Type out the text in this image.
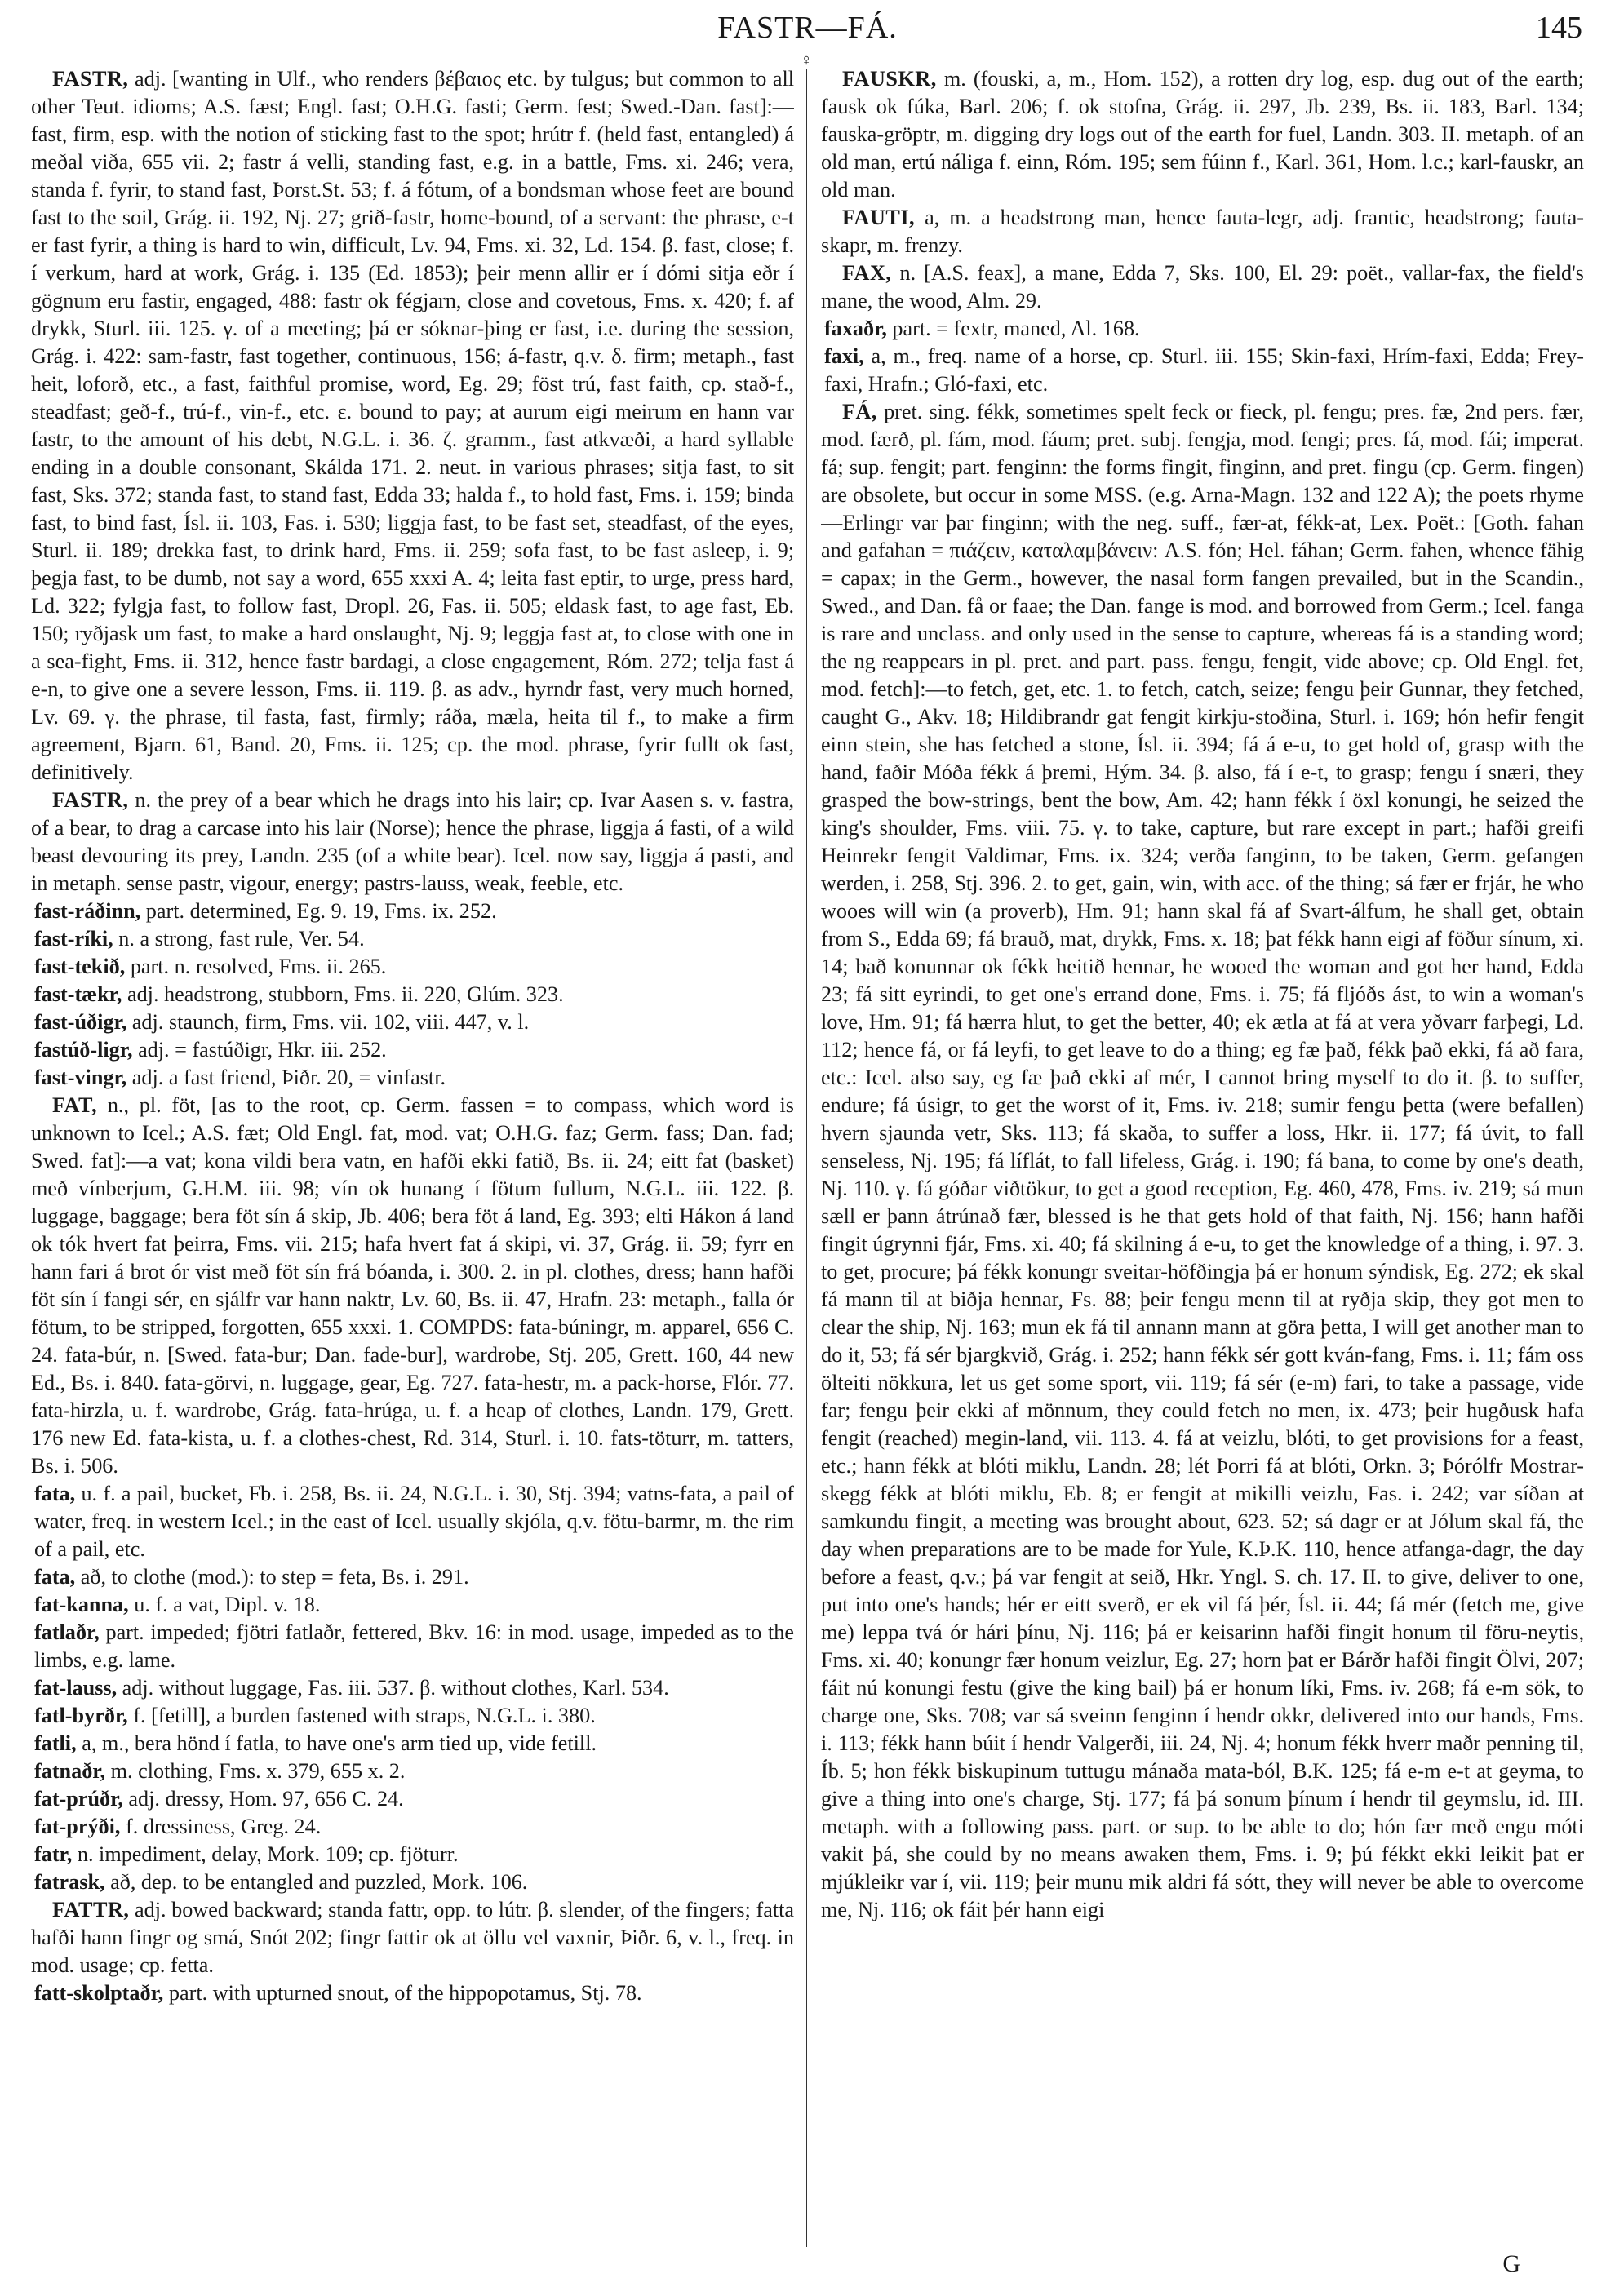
FASTR—FÁ.	145

FASTR, adj. [wanting in Ulf., who renders βέβαιος etc. by tulgus; but common to all other Teut. idioms; A.S. fæst; Engl. fast; O.H.G. fasti; Germ. fest; Swed.-Dan. fast]:—fast, firm, esp. with the notion of sticking fast to the spot; hrútr f. (held fast, entangled) á meðal viða, 655 vii. 2; fastr á velli, standing fast, e.g. in a battle, Fms. xi. 246; vera, standa f. fyrir, to stand fast, Þorst.St. 53; f. á fótum, of a bondsman whose feet are bound fast to the soil, Grág. ii. 192, Nj. 27; grið-fastr, home-bound, of a servant: the phrase, e-t er fast fyrir, a thing is hard to win, difficult, Lv. 94, Fms. xi. 32, Ld. 154. β. fast, close; f. í verkum, hard at work, Grág. i. 135 (Ed. 1853); þeir menn allir er í dómi sitja eðr í gögnum eru fastir, engaged, 488: fastr ok fégjarn, close and covetous, Fms. x. 420; f. af drykk, Sturl. iii. 125. γ. of a meeting; þá er sóknar-þing er fast, i.e. during the session, Grág. i. 422: sam-fastr, fast together, continuous, 156; á-fastr, q.v. δ. firm; metaph., fast heit, loforð, etc., a fast, faithful promise, word, Eg. 29; föst trú, fast faith, cp. stað-f., steadfast; geð-f., trú-f., vin-f., etc. ε. bound to pay; at aurum eigi meirum en hann var fastr, to the amount of his debt, N.G.L. i. 36. ζ. gramm., fast atkvæði, a hard syllable ending in a double consonant, Skálda 171. 2. neut. in various phrases; sitja fast, to sit fast, Sks. 372; standa fast, to stand fast, Edda 33; halda f., to hold fast, Fms. i. 159; binda fast, to bind fast, Ísl. ii. 103, Fas. i. 530; liggja fast, to be fast set, steadfast, of the eyes, Sturl. ii. 189; drekka fast, to drink hard, Fms. ii. 259; sofa fast, to be fast asleep, i. 9; þegja fast, to be dumb, not say a word, 655 xxxi A. 4; leita fast eptir, to urge, press hard, Ld. 322; fylgja fast, to follow fast, Dropl. 26, Fas. ii. 505; eldask fast, to age fast, Eb. 150; ryðjask um fast, to make a hard onslaught, Nj. 9; leggja fast at, to close with one in a sea-fight, Fms. ii. 312, hence fastr bardagi, a close engagement, Róm. 272; telja fast á e-n, to give one a severe lesson, Fms. ii. 119. β. as adv., hyrndr fast, very much horned, Lv. 69. γ. the phrase, til fasta, fast, firmly; ráða, mæla, heita til f., to make a firm agreement, Bjarn. 61, Band. 20, Fms. ii. 125; cp. the mod. phrase, fyrir fullt ok fast, definitively.

FASTR, n. the prey of a bear which he drags into his lair; cp. Ivar Aasen s. v. fastra, of a bear, to drag a carcase into his lair (Norse); hence the phrase, liggja á fasti, of a wild beast devouring its prey, Landn. 235 (of a white bear). Icel. now say, liggja á pasti, and in metaph. sense pastr, vigour, energy; pastrs-lauss, weak, feeble, etc.

fast-ráðinn, part. determined, Eg. 9. 19, Fms. ix. 252.

fast-ríki, n. a strong, fast rule, Ver. 54.

fast-tekið, part. n. resolved, Fms. ii. 265.

fast-tækr, adj. headstrong, stubborn, Fms. ii. 220, Glúm. 323.

fast-úðigr, adj. staunch, firm, Fms. vii. 102, viii. 447, v. l.

fastúð-ligr, adj. = fastúðigr, Hkr. iii. 252.

fast-vingr, adj. a fast friend, Þiðr. 20, = vinfastr.

FAT, n., pl. föt, [as to the root, cp. Germ. fassen = to compass, which word is unknown to Icel.; A.S. fæt; Old Engl. fat, mod. vat; O.H.G. faz; Germ. fass; Dan. fad; Swed. fat]:—a vat; kona vildi bera vatn, en hafði ekki fatið, Bs. ii. 24; eitt fat (basket) með vínberjum, G.H.M. iii. 98; vín ok hunang í fötum fullum, N.G.L. iii. 122. β. luggage, baggage; bera föt sín á skip, Jb. 406; bera föt á land, Eg. 393; elti Hákon á land ok tók hvert fat þeirra, Fms. vii. 215; hafa hvert fat á skipi, vi. 37, Grág. ii. 59; fyrr en hann fari á brot ór vist með föt sín frá bóanda, i. 300. 2. in pl. clothes, dress; hann hafði föt sín í fangi sér, en sjálfr var hann naktr, Lv. 60, Bs. ii. 47, Hrafn. 23: metaph., falla ór fötum, to be stripped, forgotten, 655 xxxi. 1. COMPDS: fata-búningr, m. apparel, 656 C. 24. fata-búr, n. [Swed. fata-bur; Dan. fade-bur], wardrobe, Stj. 205, Grett. 160, 44 new Ed., Bs. i. 840. fata-görvi, n. luggage, gear, Eg. 727. fata-hestr, m. a pack-horse, Flór. 77. fata-hirzla, u. f. wardrobe, Grág. fata-hrúga, u. f. a heap of clothes, Landn. 179, Grett. 176 new Ed. fata-kista, u. f. a clothes-chest, Rd. 314, Sturl. i. 10. fats-töturr, m. tatters, Bs. i. 506.

fata, u. f. a pail, bucket, Fb. i. 258, Bs. ii. 24, N.G.L. i. 30, Stj. 394; vatns-fata, a pail of water, freq. in western Icel.; in the east of Icel. usually skjóla, q.v. fötu-barmr, m. the rim of a pail, etc.

fata, að, to clothe (mod.): to step = feta, Bs. i. 291.

fat-kanna, u. f. a vat, Dipl. v. 18.

fatlaðr, part. impeded; fjötri fatlaðr, fettered, Bkv. 16: in mod. usage, impeded as to the limbs, e.g. lame.

fat-lauss, adj. without luggage, Fas. iii. 537. β. without clothes, Karl. 534.

fatl-byrðr, f. [fetill], a burden fastened with straps, N.G.L. i. 380.

fatli, a, m., bera hönd í fatla, to have one's arm tied up, vide fetill.

fatnaðr, m. clothing, Fms. x. 379, 655 x. 2.

fat-prúðr, adj. dressy, Hom. 97, 656 C. 24.

fat-prýði, f. dressiness, Greg. 24.

fatr, n. impediment, delay, Mork. 109; cp. fjöturr.

fatrask, að, dep. to be entangled and puzzled, Mork. 106.

FATTR, adj. bowed backward; standa fattr, opp. to lútr. β. slender, of the fingers; fatta hafði hann fingr og smá, Snót 202; fingr fattir ok at öllu vel vaxnir, Þiðr. 6, v. l., freq. in mod. usage; cp. fetta.

fatt-skolptaðr, part. with upturned snout, of the hippopotamus, Stj. 78.

♀

FAUSKR, m. (fouski, a, m., Hom. 152), a rotten dry log, esp. dug out of the earth; fausk ok fúka, Barl. 206; f. ok stofna, Grág. ii. 297, Jb. 239, Bs. ii. 183, Barl. 134; fauska-gröptr, m. digging dry logs out of the earth for fuel, Landn. 303. II. metaph. of an old man, ertú náliga f. einn, Róm. 195; sem fúinn f., Karl. 361, Hom. l.c.; karl-fauskr, an old man.

FAUTI, a, m. a headstrong man, hence fauta-legr, adj. frantic, headstrong; fauta-skapr, m. frenzy.

FAX, n. [A.S. feax], a mane, Edda 7, Sks. 100, El. 29: poët., vallar-fax, the field's mane, the wood, Alm. 29.

faxaðr, part. = fextr, maned, Al. 168.

faxi, a, m., freq. name of a horse, cp. Sturl. iii. 155; Skin-faxi, Hrím-faxi, Edda; Frey-faxi, Hrafn.; Gló-faxi, etc.

FÁ, pret. sing. fékk, sometimes spelt feck or fieck, pl. fengu; pres. fæ, 2nd pers. fær, mod. færð, pl. fám, mod. fáum; pret. subj. fengja, mod. fengi; pres. fá, mod. fái; imperat. fá; sup. fengit; part. fenginn: the forms fingit, finginn, and pret. fingu (cp. Germ. fingen) are obsolete, but occur in some MSS. (e.g. Arna-Magn. 132 and 122 A); the poets rhyme—Erlingr var þar finginn; with the neg. suff., fær-at, fékk-at, Lex. Poët.: [Goth. fahan and gafahan = πιάζειν, καταλαμβάνειν: A.S. fón; Hel. fáhan; Germ. fahen, whence fähig = capax; in the Germ., however, the nasal form fangen prevailed, but in the Scandin., Swed., and Dan. få or faae; the Dan. fange is mod. and borrowed from Germ.; Icel. fanga is rare and unclass. and only used in the sense to capture, whereas fá is a standing word; the ng reappears in pl. pret. and part. pass. fengu, fengit, vide above; cp. Old Engl. fet, mod. fetch]:—to fetch, get, etc. 1. to fetch, catch, seize; fengu þeir Gunnar, they fetched, caught G., Akv. 18; Hildibrandr gat fengit kirkju-stoðina, Sturl. i. 169; hón hefir fengit einn stein, she has fetched a stone, Ísl. ii. 394; fá á e-u, to get hold of, grasp with the hand, faðir Móða fékk á þremi, Hým. 34. β. also, fá í e-t, to grasp; fengu í snæri, they grasped the bow-strings, bent the bow, Am. 42; hann fékk í öxl konungi, he seized the king's shoulder, Fms. viii. 75. γ. to take, capture, but rare except in part.; hafði greifi Heinrekr fengit Valdimar, Fms. ix. 324; verða fanginn, to be taken, Germ. gefangen werden, i. 258, Stj. 396. 2. to get, gain, win, with acc. of the thing; sá fær er frjár, he who wooes will win (a proverb), Hm. 91; hann skal fá af Svart-álfum, he shall get, obtain from S., Edda 69; fá brauð, mat, drykk, Fms. x. 18; þat fékk hann eigi af föður sínum, xi. 14; bað konunnar ok fékk heitið hennar, he wooed the woman and got her hand, Edda 23; fá sitt eyrindi, to get one's errand done, Fms. i. 75; fá fljóðs ást, to win a woman's love, Hm. 91; fá hærra hlut, to get the better, 40; ek ætla at fá at vera yðvarr farþegi, Ld. 112; hence fá, or fá leyfi, to get leave to do a thing; eg fæ það, fékk það ekki, fá að fara, etc.: Icel. also say, eg fæ það ekki af mér, I cannot bring myself to do it. β. to suffer, endure; fá úsigr, to get the worst of it, Fms. iv. 218; sumir fengu þetta (were befallen) hvern sjaunda vetr, Sks. 113; fá skaða, to suffer a loss, Hkr. ii. 177; fá úvit, to fall senseless, Nj. 195; fá líflát, to fall lifeless, Grág. i. 190; fá bana, to come by one's death, Nj. 110. γ. fá góðar viðtökur, to get a good reception, Eg. 460, 478, Fms. iv. 219; sá mun sæll er þann átrúnað fær, blessed is he that gets hold of that faith, Nj. 156; hann hafði fingit úgrynni fjár, Fms. xi. 40; fá skilning á e-u, to get the knowledge of a thing, i. 97. 3. to get, procure; þá fékk konungr sveitar-höfðingja þá er honum sýndisk, Eg. 272; ek skal fá mann til at biðja hennar, Fs. 88; þeir fengu menn til at ryðja skip, they got men to clear the ship, Nj. 163; mun ek fá til annann mann at göra þetta, I will get another man to do it, 53; fá sér bjargkvið, Grág. i. 252; hann fékk sér gott kván-fang, Fms. i. 11; fám oss ölteiti nökkura, let us get some sport, vii. 119; fá sér (e-m) fari, to take a passage, vide far; fengu þeir ekki af mönnum, they could fetch no men, ix. 473; þeir hugðusk hafa fengit (reached) megin-land, vii. 113. 4. fá at veizlu, blóti, to get provisions for a feast, etc.; hann fékk at blóti miklu, Landn. 28; lét Þorri fá at blóti, Orkn. 3; Þórólfr Mostrar-skegg fékk at blóti miklu, Eb. 8; er fengit at mikilli veizlu, Fas. i. 242; var síðan at samkundu fingit, a meeting was brought about, 623. 52; sá dagr er at Jólum skal fá, the day when preparations are to be made for Yule, K.Þ.K. 110, hence atfanga-dagr, the day before a feast, q.v.; þá var fengit at seið, Hkr. Yngl. S. ch. 17. II. to give, deliver to one, put into one's hands; hér er eitt sverð, er ek vil fá þér, Ísl. ii. 44; fá mér (fetch me, give me) leppa tvá ór hári þínu, Nj. 116; þá er keisarinn hafði fingit honum til föru-neytis, Fms. xi. 40; konungr fær honum veizlur, Eg. 27; horn þat er Bárðr hafði fingit Ölvi, 207; fáit nú konungi festu (give the king bail) þá er honum líki, Fms. iv. 268; fá e-m sök, to charge one, Sks. 708; var sá sveinn fenginn í hendr okkr, delivered into our hands, Fms. i. 113; fékk hann búit í hendr Valgerði, iii. 24, Nj. 4; honum fékk hverr maðr penning til, Íb. 5; hon fékk biskupinum tuttugu mánaða mata-ból, B.K. 125; fá e-m e-t at geyma, to give a thing into one's charge, Stj. 177; fá þá sonum þínum í hendr til geymslu, id. III. metaph. with a following pass. part. or sup. to be able to do; hón fær með engu móti vakit þá, she could by no means awaken them, Fms. i. 9; þú fékkt ekki leikit þat er mjúkleikr var í, vii. 119; þeir munu mik aldri fá sótt, they will never be able to overcome me, Nj. 116; ok fáit þér hann eigi

G
